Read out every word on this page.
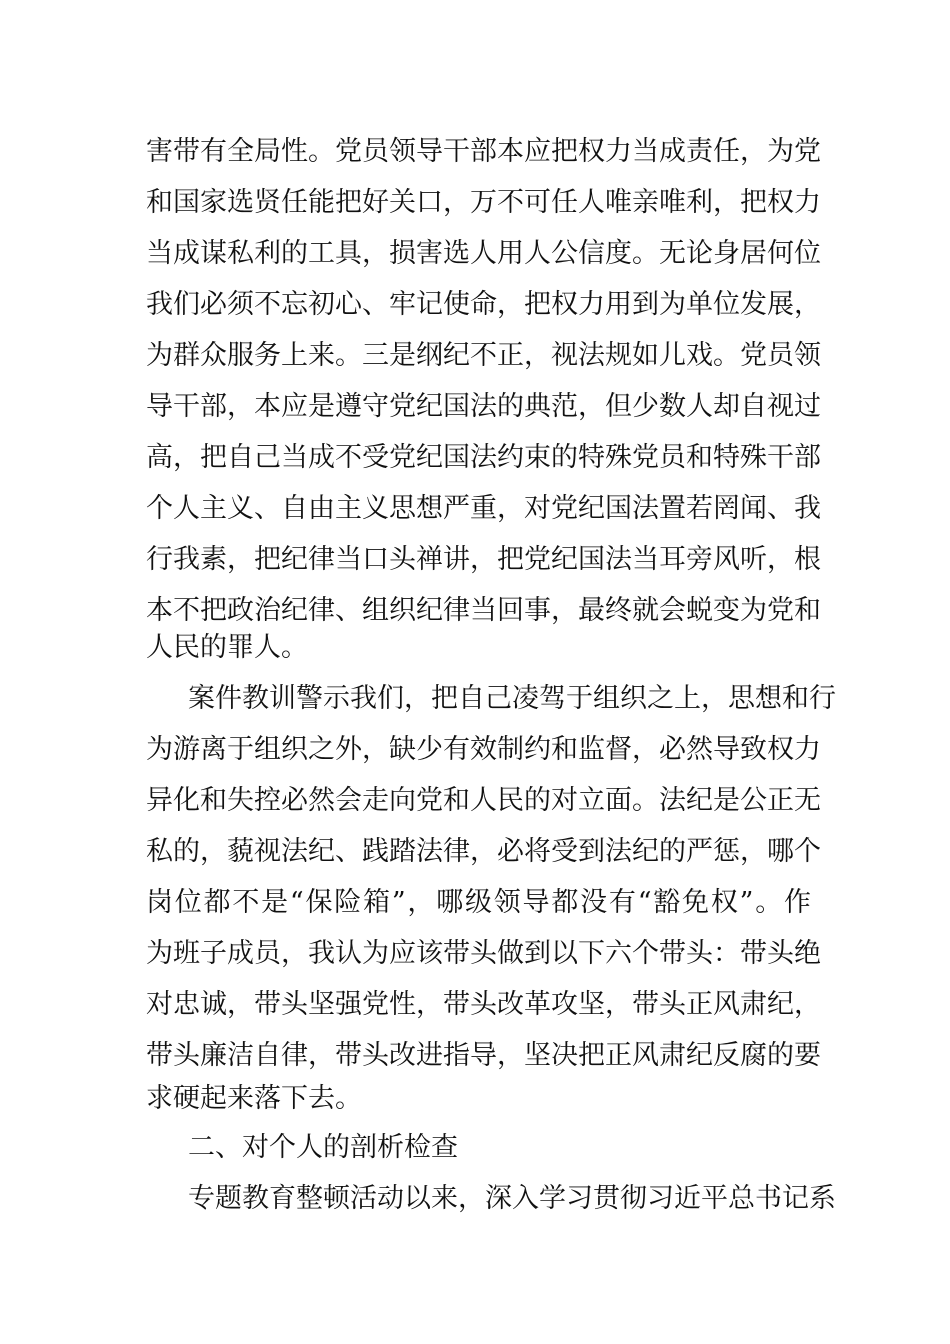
害带有全局性。党员领导干部本应把权力当成责任，为党
和国家选贤任能把好关口，万不可任人唯亲唯利，把权力
当成谋私利的工具，损害选人用人公信度。无论身居何位
我们必须不忘初心、牢记使命，把权力用到为单位发展，
为群众服务上来。三是纲纪不正，视法规如儿戏。党员领
导干部，本应是遵守党纪国法的典范，但少数人却自视过
高，把自己当成不受党纪国法约束的特殊党员和特殊干部
个人主义、自由主义思想严重，对党纪国法置若罔闻、我
行我素，把纪律当口头禅讲，把党纪国法当耳旁风听，根
本不把政治纪律、组织纪律当回事，最终就会蜕变为党和
人民的罪人。
案件教训警示我们，把自己凌驾于组织之上，思想和行
为游离于组织之外，缺少有效制约和监督，必然导致权力
异化和失控必然会走向党和人民的对立面。法纪是公正无
私的，藐视法纪、践踏法律，必将受到法纪的严惩，哪个
岗位都不是“保险箱”，哪级领导都没有“豁免权”。作
为班子成员，我认为应该带头做到以下六个带头：带头绝
对忠诚，带头坚强党性，带头改革攻坚，带头正风肃纪，
带头廉洁自律，带头改进指导，坚决把正风肃纪反腐的要
求硬起来落下去。
二、对个人的剖析检查
专题教育整顿活动以来，深入学习贯彻习近平总书记系
